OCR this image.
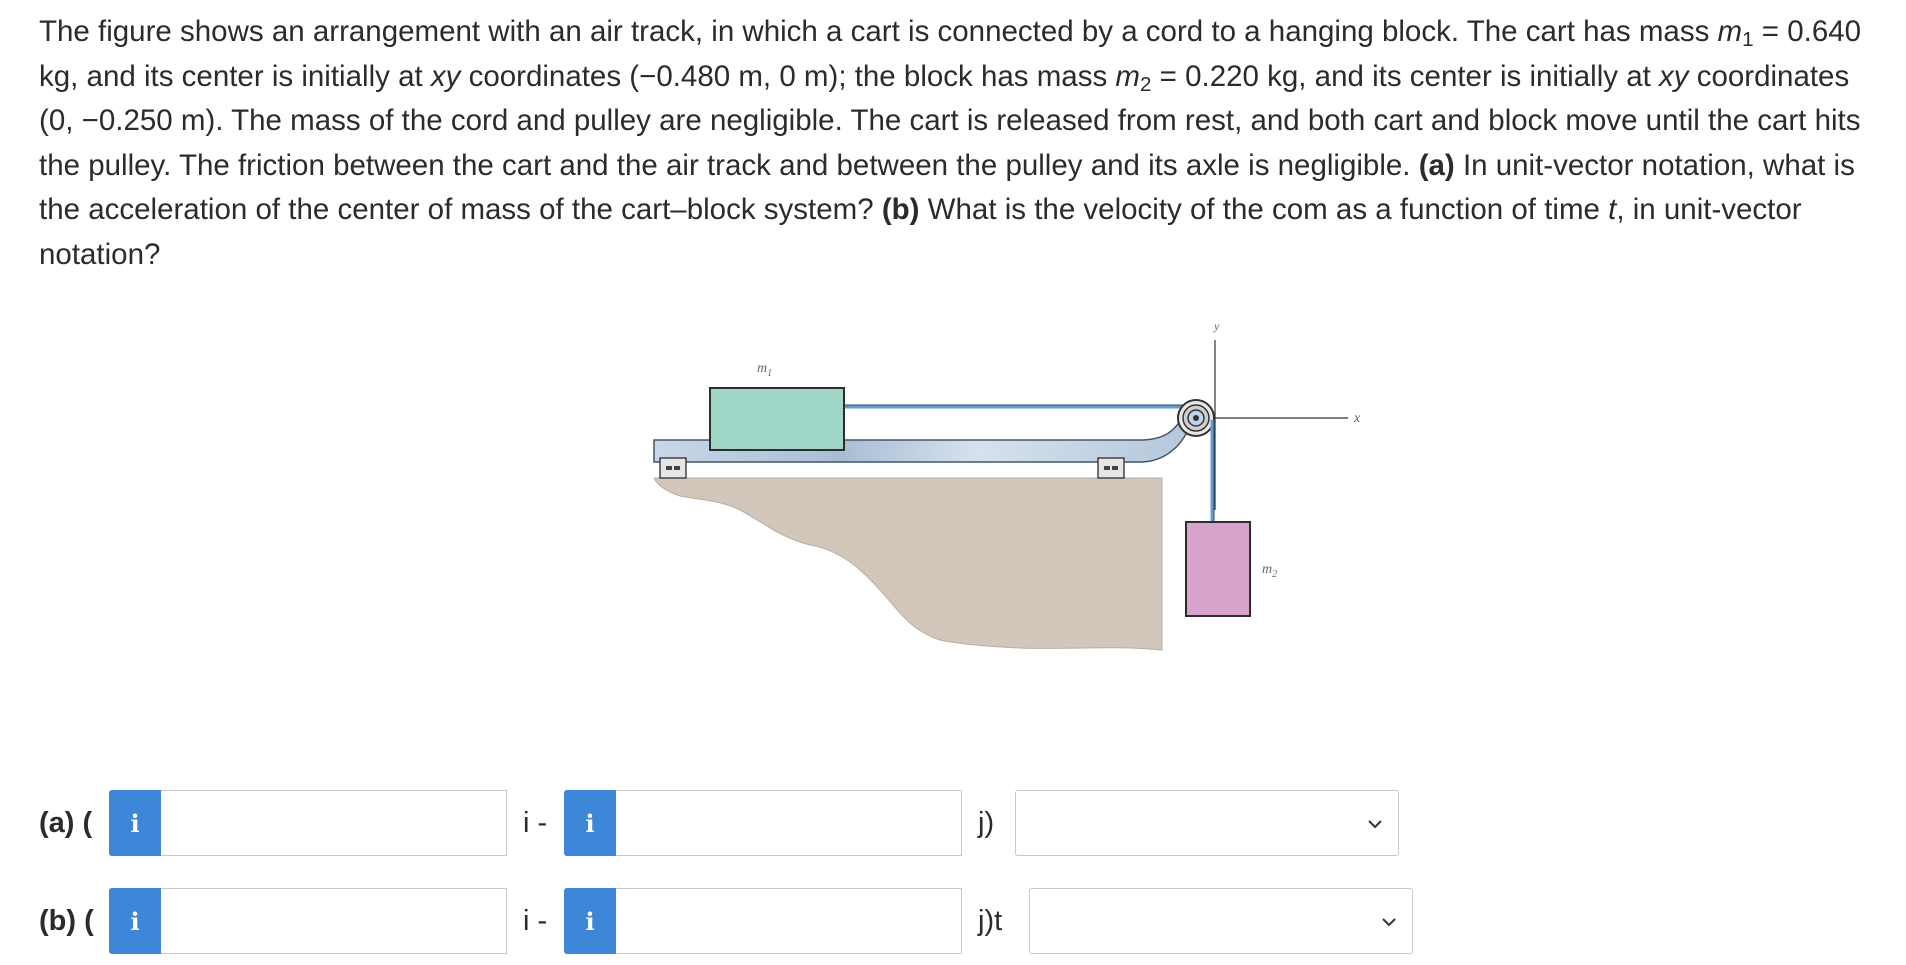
The figure shows an arrangement with an air track, in which a cart is connected by a cord to a hanging block. The cart has mass $m_1 = 0.640$ kg, and its center is initially at xy coordinates (−0.480 m, 0 m); the block has mass $m_2 = 0.220$ kg, and its center is initially at xy coordinates (0, −0.250 m). The mass of the cord and pulley are negligible. The cart is released from rest, and both cart and block move until the cart hits the pulley. The friction between the cart and the air track and between the pulley and its axle is negligible. (a) In unit-vector notation, what is the acceleration of the center of mass of the cart–block system? (b) What is the velocity of the com as a function of time t, in unit-vector notation?
$m_1$
y
x
$m_2$
(a) (	i	i -	i	j)
(b) (	i	i -	i	j)t
